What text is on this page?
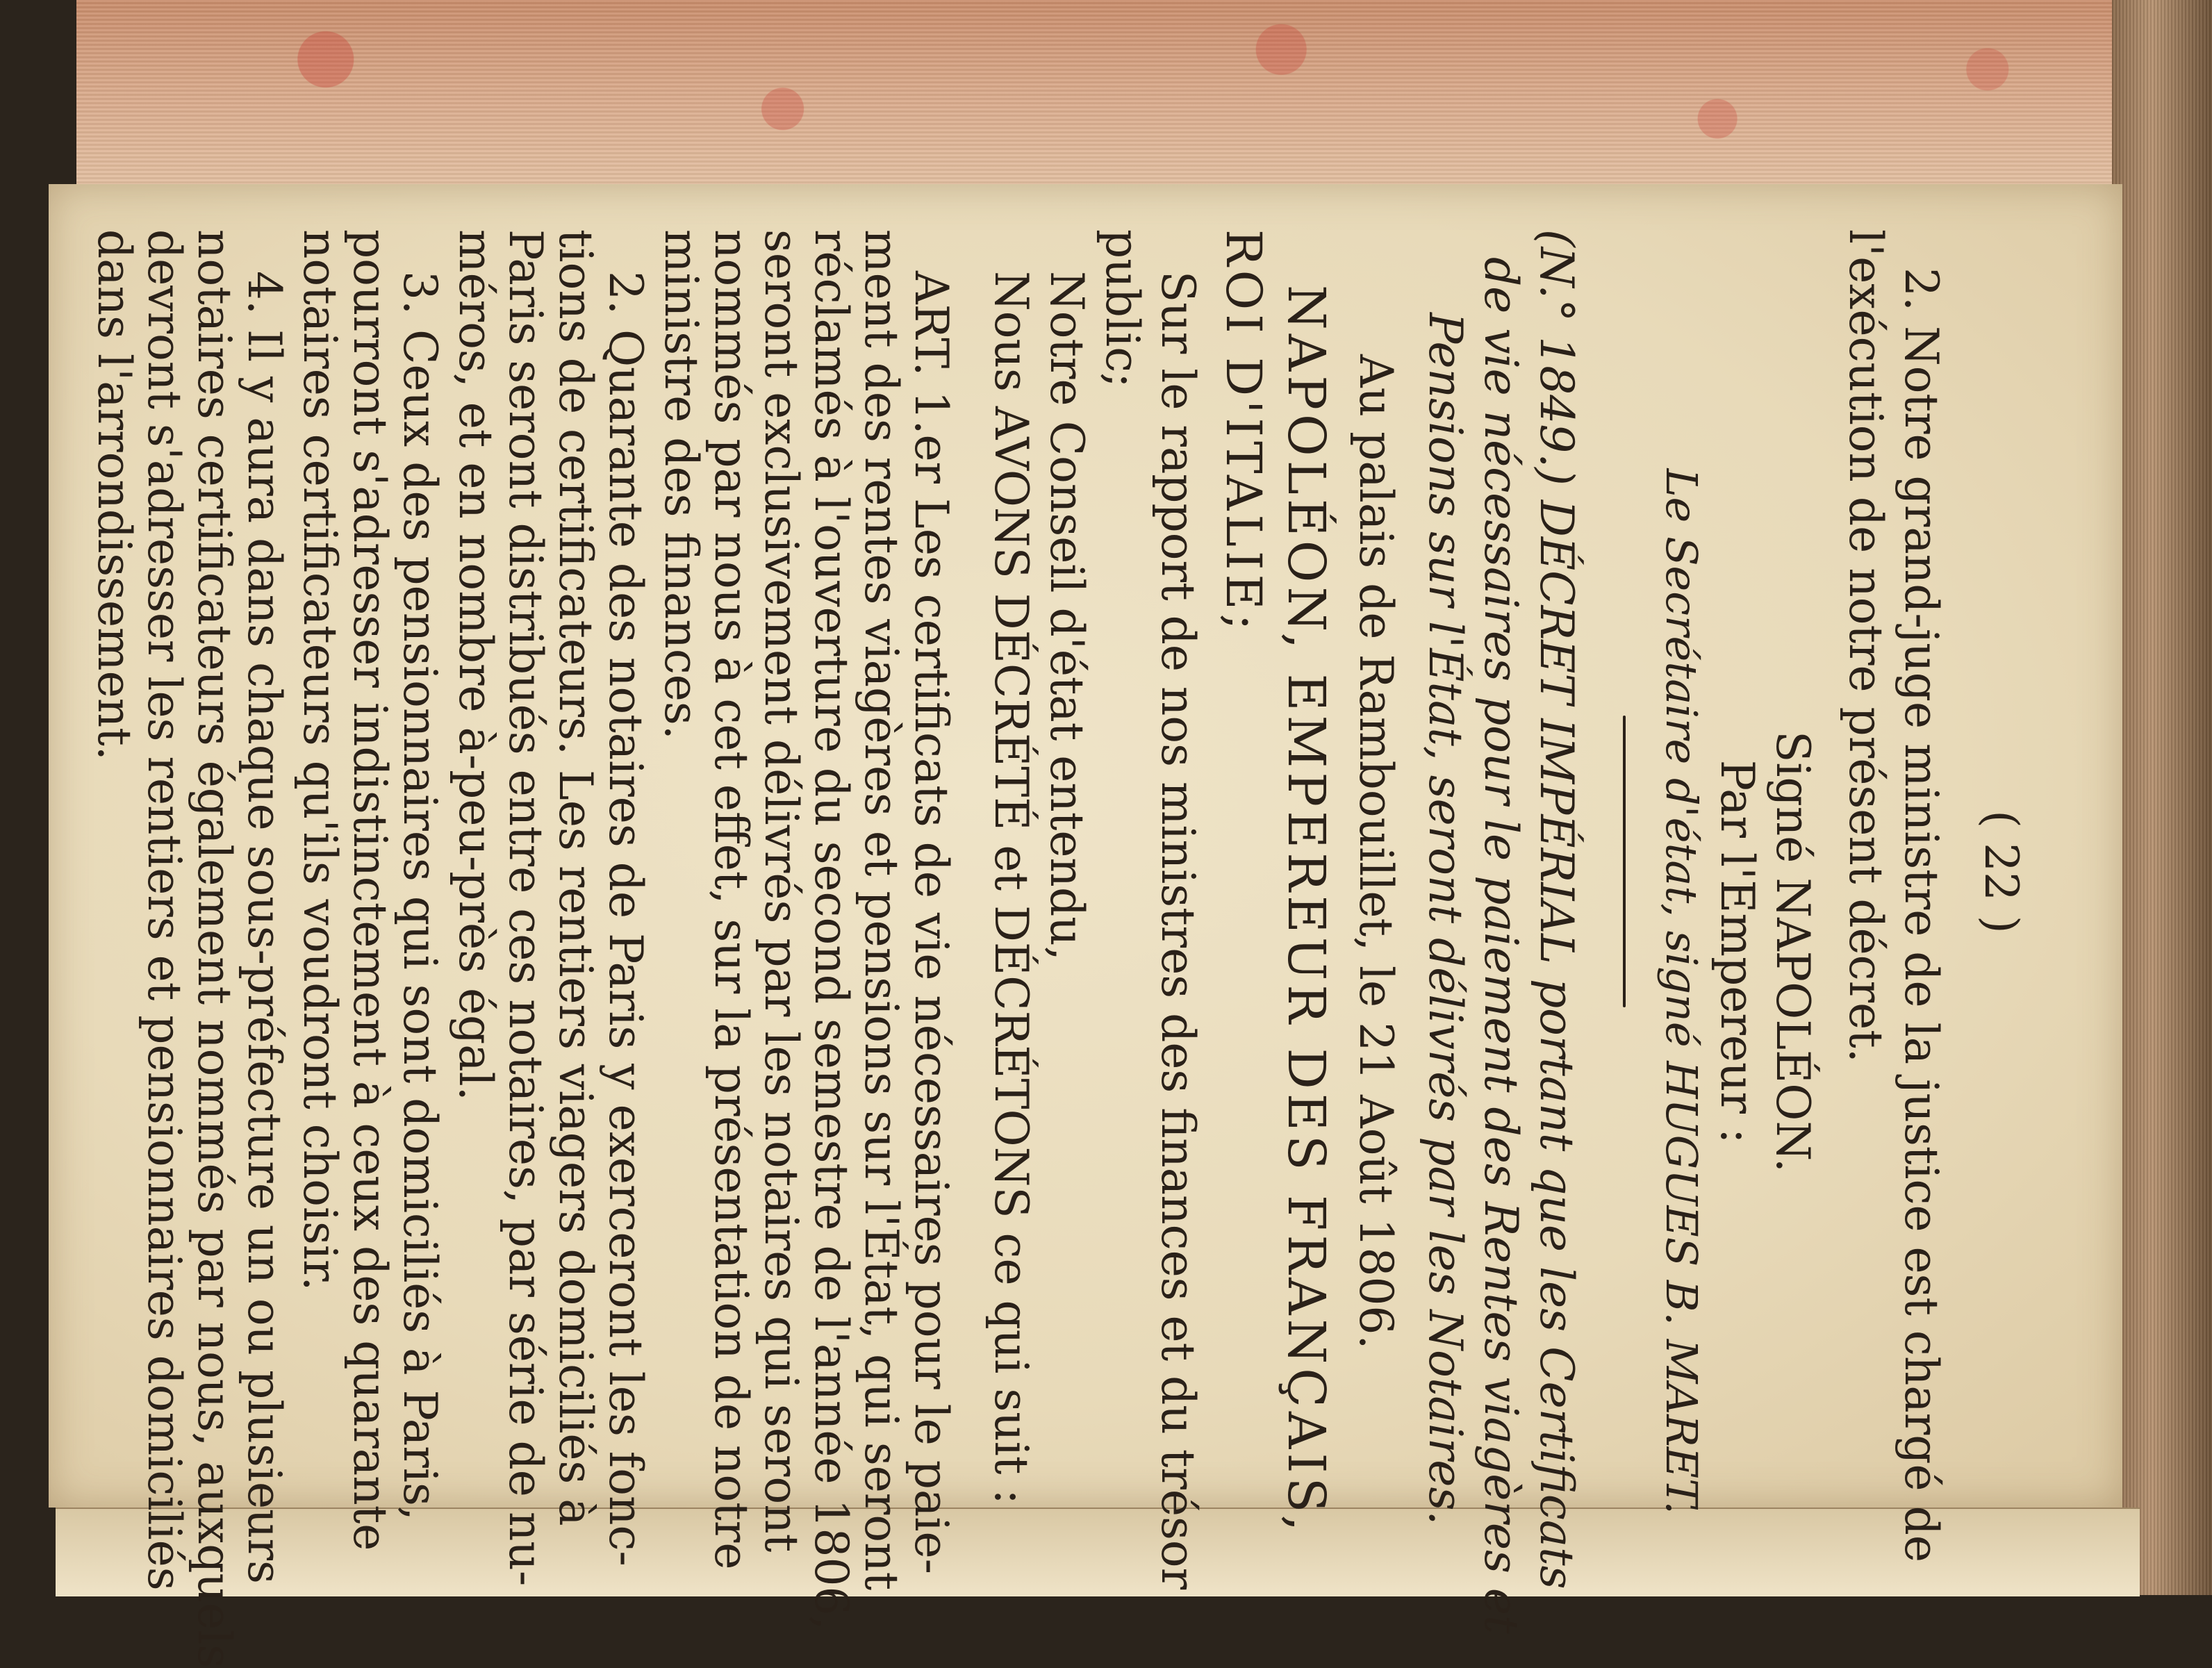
( 22 )
2. Notre grand-juge ministre de la justice est chargé de
l'exécution de notre présent décret.
Signé NAPOLÉON.
Par l'Empereur :
Le Secrétaire d'état, signé HUGUES B. MARET.
(N.° 1849.) DÉCRET IMPÉRIAL portant que les Certificats
de vie nécessaires pour le paiement des Rentes viagères et
Pensions sur l'État, seront délivrés par les Notaires.
Au palais de Rambouillet, le 21 Août 1806.
NAPOLÉON, EMPEREUR DES FRANÇAIS,
ROI D'ITALIE;
Sur le rapport de nos ministres des finances et du trésor
public;
Notre Conseil d'état entendu,
Nous AVONS DÉCRÉTÉ et DÉCRÉTONS ce qui suit :
ART. 1.er Les certificats de vie nécessaires pour le paie-
ment des rentes viagères et pensions sur l'État, qui seront
réclamés à l'ouverture du second semestre de l'année 1806,
seront exclusivement délivrés par les notaires qui seront
nommés par nous à cet effet, sur la présentation de notre
ministre des finances.
2. Quarante des notaires de Paris y exerceront les fonc-
tions de certificateurs. Les rentiers viagers domiciliés à
Paris seront distribués entre ces notaires, par série de nu-
méros, et en nombre à-peu-près égal.
3. Ceux des pensionnaires qui sont domiciliés à Paris,
pourront s'adresser indistinctement à ceux des quarante
notaires certificateurs qu'ils voudront choisir.
4. Il y aura dans chaque sous-préfecture un ou plusieurs
notaires certificateurs également nommés par nous, auxquels
devront s'adresser les rentiers et pensionnaires domiciliés
dans l'arrondissement.
